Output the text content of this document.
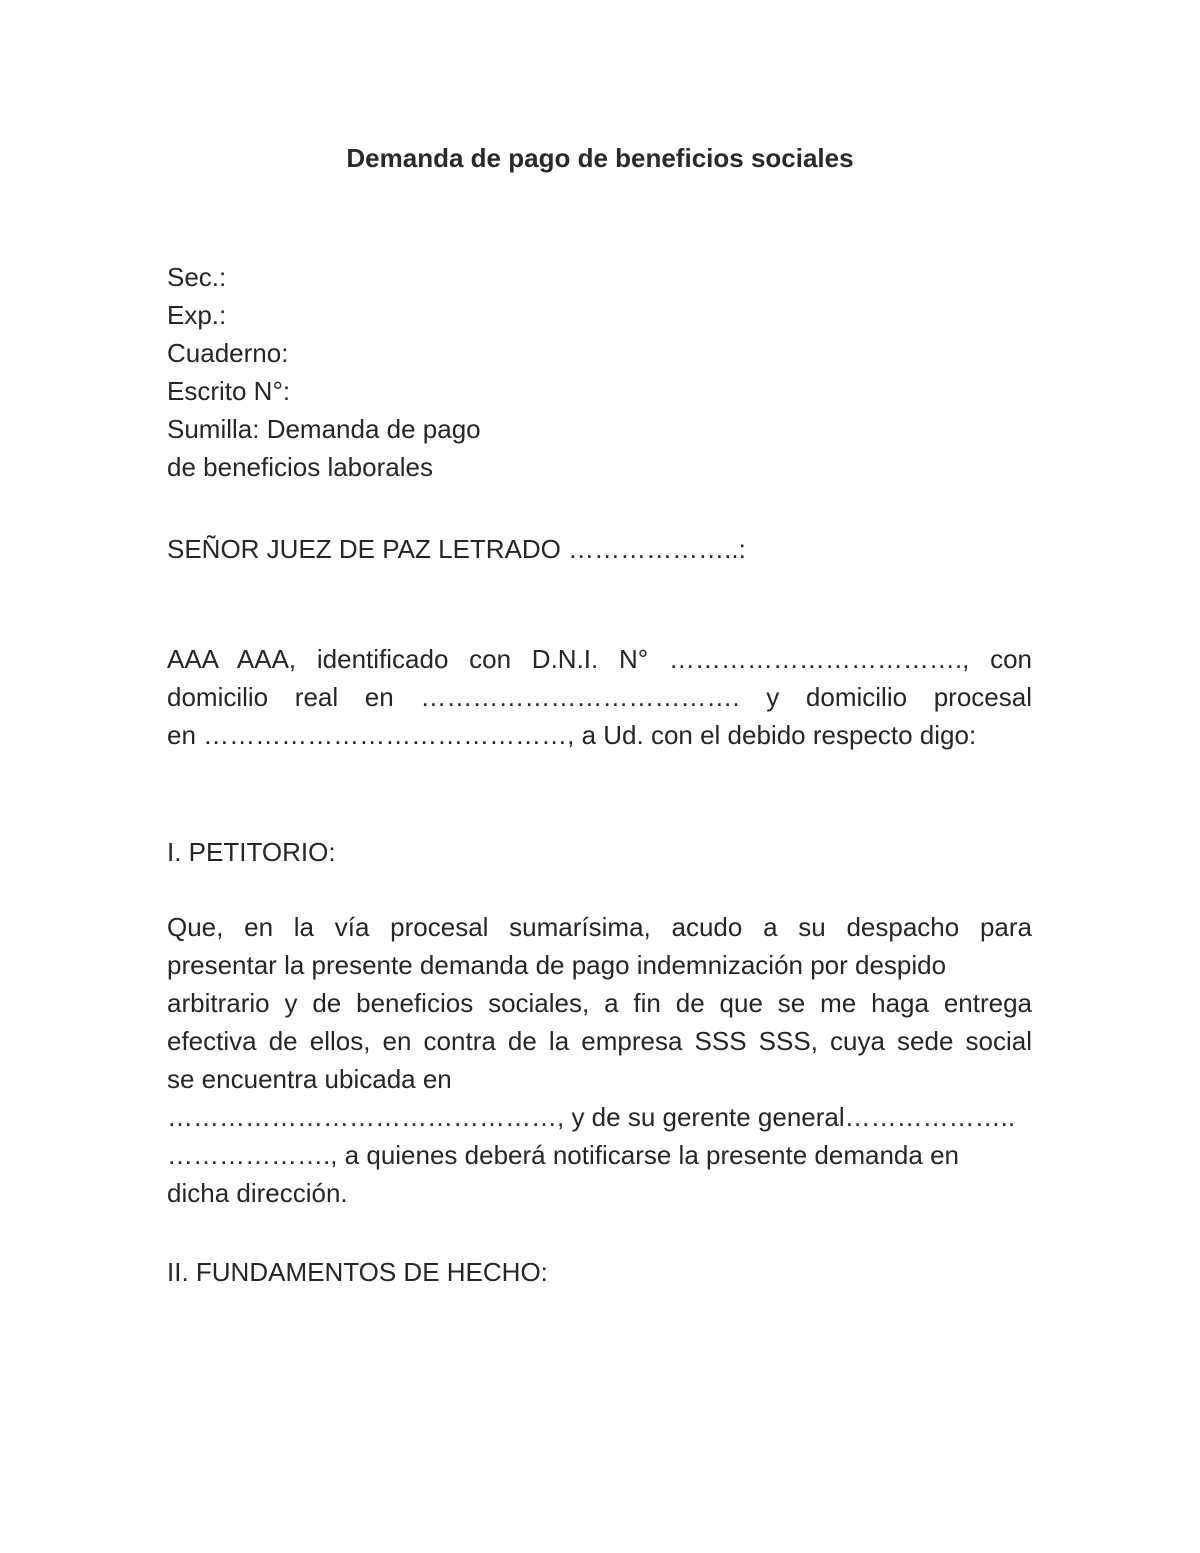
Demanda de pago de beneficios sociales
Sec.:
Exp.:
Cuaderno:
Escrito N°:
Sumilla: Demanda de pago
de beneficios laborales
SEÑOR JUEZ DE PAZ LETRADO ………………..:
AAA AAA, identificado con D.N.I. N° ……………………………., con
domicilio real en ………………………………. y domicilio procesal
en ……………………………………, a Ud. con el debido respecto digo:
I. PETITORIO:
Que, en la vía procesal sumarísima, acudo a su despacho para
presentar la presente demanda de pago indemnización por despido
arbitrario y de beneficios sociales, a fin de que se me haga entrega
efectiva de ellos, en contra de la empresa SSS SSS, cuya sede social
se encuentra ubicada en
………………………………………, y de su gerente general………………..
………………., a quienes deberá notificarse la presente demanda en
dicha dirección.
II. FUNDAMENTOS DE HECHO:
